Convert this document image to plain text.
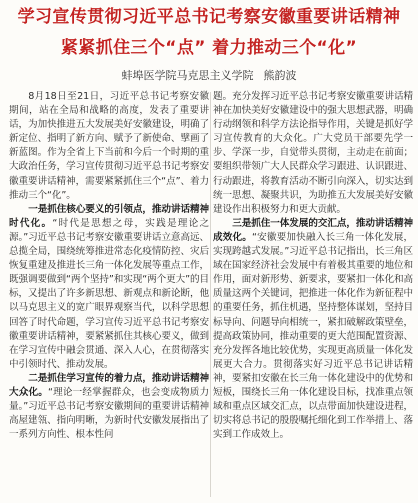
学习宣传贯彻习近平总书记考察安徽重要讲话精神
紧紧抓住三个“点” 着力推动三个“化”
蚌埠医学院马克思主义学院 熊韵波

8月18日至21日，习近平总书记考察安徽期间，站在全局和战略的高度，发表了重要讲话，为加快推进五大发展美好安徽建设，明确了新定位、指明了新方向、赋予了新使命、擘画了新蓝图。作为全省上下当前和今后一个时期的重大政治任务，学习宣传贯彻习近平总书记考察安徽重要讲话精神，需要紧紧抓住三个“点”、着力推动三个“化”。

一是抓住核心要义的引领点，推动讲话精神时代化。“时代是思想之母，实践是理论之源。”习近平总书记考察安徽重要讲话立意高远、总揽全局，围绕统筹推进常态化疫情防控、灾后恢复重建及推进长三角一体化发展等重点工作，既强调要做到“两个坚持”和实现“两个更大”的目标，又提出了许多新思想、新观点和新论断，他以马克思主义的宽广眼界观察当代，以科学思想回答了时代命题，学习宣传习近平总书记考察安徽重要讲话精神，要紧紧抓住其核心要义，做到在学习宣传中融会贯通、深入人心，在贯彻落实中引领时代、推动发展。

二是抓住学习宣传的着力点，推动讲话精神大众化。“理论一经掌握群众，也会变成物质力量。”习近平总书记考察安徽期间的重要讲话精神高屋建瓴、指向明晰，为新时代安徽发展指出了一系列方向性、根本性问

题。充分发挥习近平总书记考察安徽重要讲话精神在加快美好安徽建设中的强大思想武器，明确行动纲领和科学方法论指导作用，关键是抓好学习宣传教育的大众化。广大党员干部要先学一步、学深一步，自觉带头贯彻，主动走在前面；要组织带领广大人民群众学习跟进、认识跟进、行动跟进，将教育活动不断引向深入，切实达到统一思想、凝聚共识，为助推五大发展美好安徽建设作出积极努力和更大贡献。

三是抓住一体发展的交汇点，推动讲话精神成效化。“安徽要加快融入长三角一体化发展，实现跨越式发展。”习近平总书记指出，长三角区域在国家经济社会发展中有着极其重要的地位和作用，面对新形势、新要求，要紧扣一体化和高质量这两个关键词，把推进一体化作为新征程中的重要任务，抓住机遇，坚持整体谋划，坚持目标导向、问题导向相统一，紧扣破解政策壁垒，提高政策协同，推动重要的更大范围配置资源、充分发挥各地比较优势，实现更高质量一体化发展更大合力。贯彻落实好习近平总书记讲话精神，要紧扣安徽在长三角一体化建设中的优势和短板，围绕长三角一体化建设目标，找准重点领域和重点区域交汇点，以点带面加快建设进程，切实将总书记的殷殷嘱托细化到工作举措上、落实到工作成效上。
